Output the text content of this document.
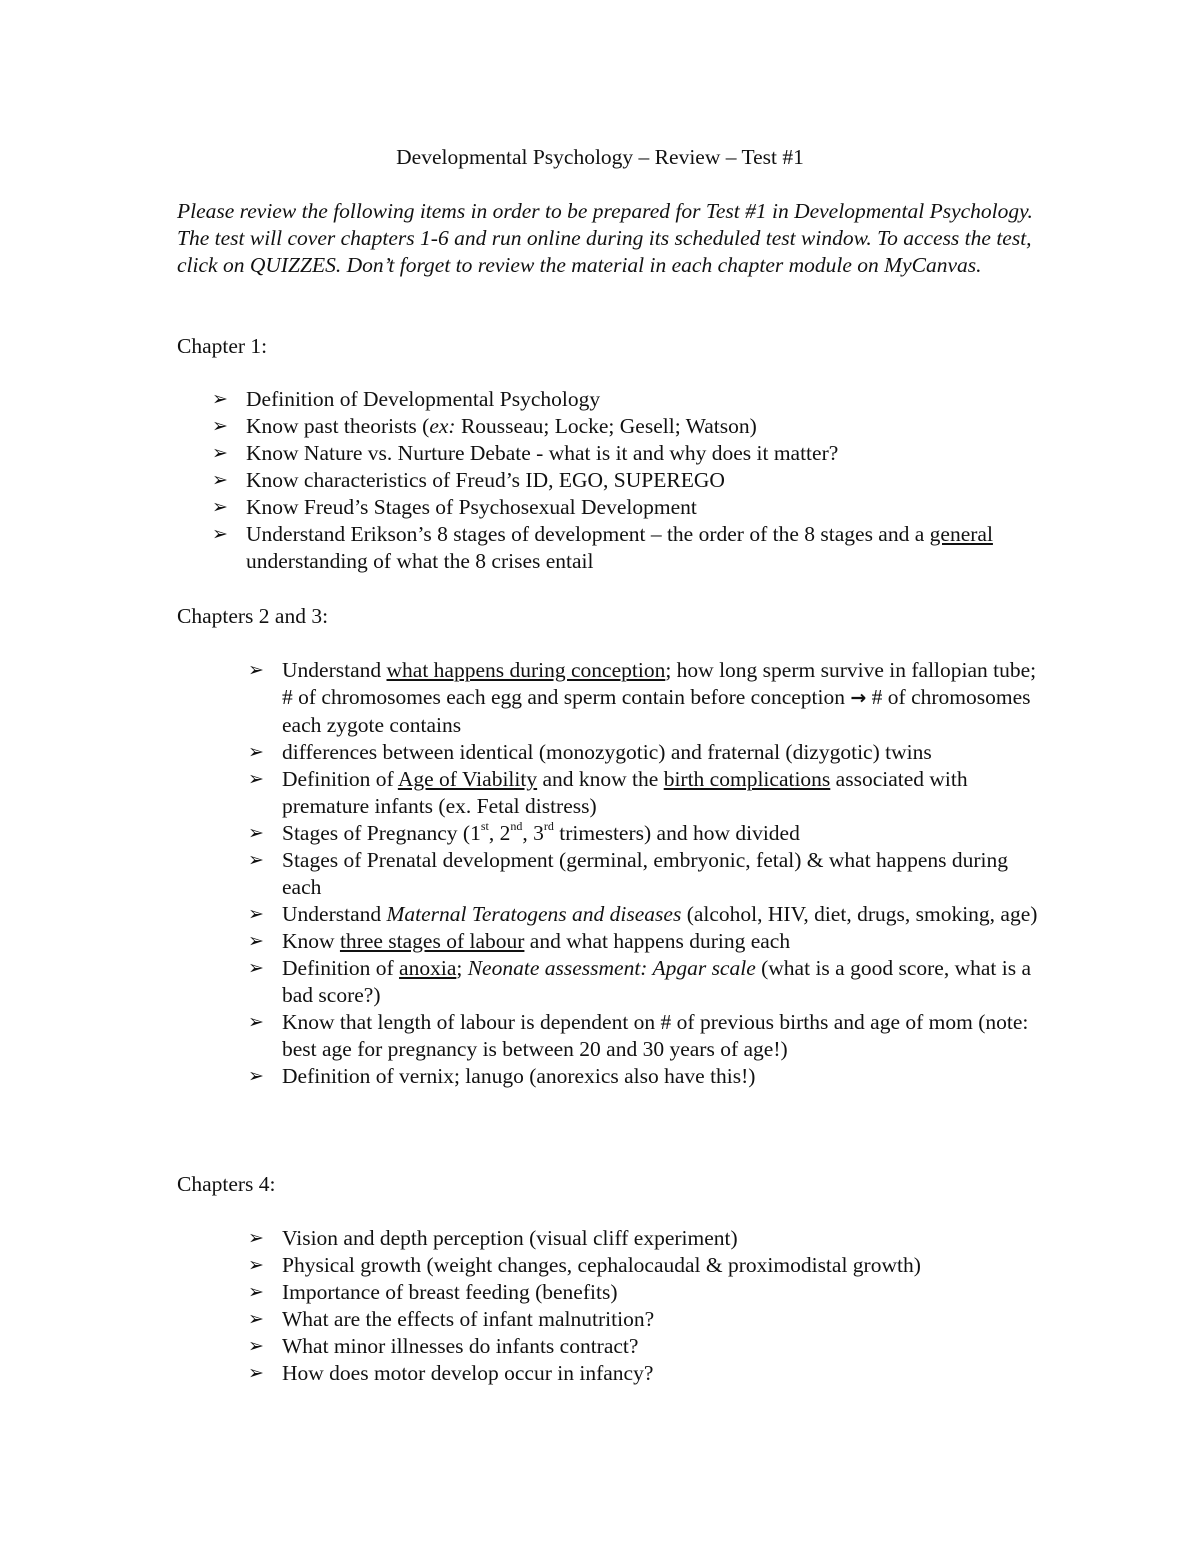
Developmental Psychology – Review – Test #1
Please review the following items in order to be prepared for Test #1 in Developmental Psychology. The test will cover chapters 1-6 and run online during its scheduled test window. To access the test, click on QUIZZES. Don’t forget to review the material in each chapter module on MyCanvas.
Chapter 1:
➢ Definition of Developmental Psychology
➢ Know past theorists (ex: Rousseau; Locke; Gesell; Watson)
➢ Know Nature vs. Nurture Debate - what is it and why does it matter?
➢ Know characteristics of Freud’s ID, EGO, SUPEREGO
➢ Know Freud’s Stages of Psychosexual Development
➢ Understand Erikson’s 8 stages of development – the order of the 8 stages and a general understanding of what the 8 crises entail
Chapters 2 and 3:
➢ Understand what happens during conception; how long sperm survive in fallopian tube; # of chromosomes each egg and sperm contain before conception → # of chromosomes each zygote contains
➢ differences between identical (monozygotic) and fraternal (dizygotic) twins
➢ Definition of Age of Viability and know the birth complications associated with premature infants (ex. Fetal distress)
➢ Stages of Pregnancy (1st, 2nd, 3rd trimesters) and how divided
➢ Stages of Prenatal development (germinal, embryonic, fetal) & what happens during each
➢ Understand Maternal Teratogens and diseases (alcohol, HIV, diet, drugs, smoking, age)
➢ Know three stages of labour and what happens during each
➢ Definition of anoxia; Neonate assessment: Apgar scale (what is a good score, what is a bad score?)
➢ Know that length of labour is dependent on # of previous births and age of mom (note: best age for pregnancy is between 20 and 30 years of age!)
➢ Definition of vernix; lanugo (anorexics also have this!)
Chapters 4:
➢ Vision and depth perception (visual cliff experiment)
➢ Physical growth (weight changes, cephalocaudal & proximodistal growth)
➢ Importance of breast feeding (benefits)
➢ What are the effects of infant malnutrition?
➢ What minor illnesses do infants contract?
➢ How does motor develop occur in infancy?
